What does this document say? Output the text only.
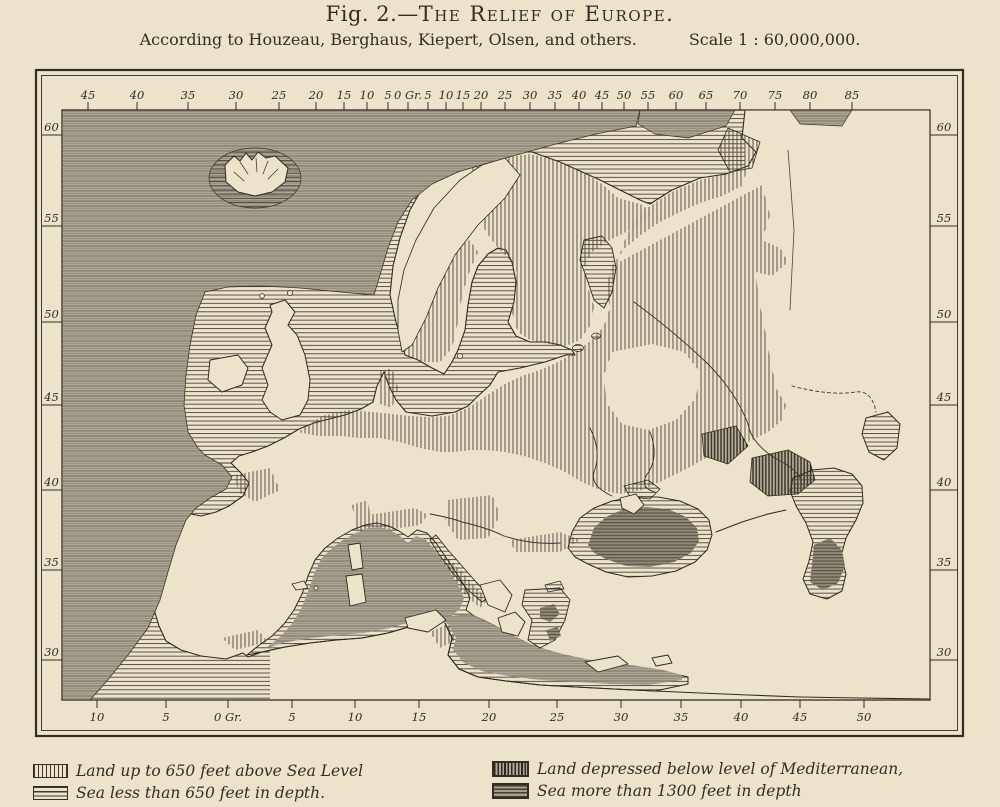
Fig. 2.—The Relief of Europe.
According to Houzeau, Berghaus, Kiepert, Olsen, and others.	Scale 1 : 60,000,000.
45	40	35	30 25 20 15 10 5 0 Gr. 5 10 15 20 25 30 35 40 45 50 55 60 65 70 75 80 85
10	5	0 Gr.	5	10	15	20	25	30	35	40	45	50
60
55
50
45
40
35
30
60
55
50
45
40
35
30
Land up to 650 feet above Sea Level
Sea less than 650 feet in depth.
Land depressed below level of Mediterranean,
Sea more than 1300 feet in depth
